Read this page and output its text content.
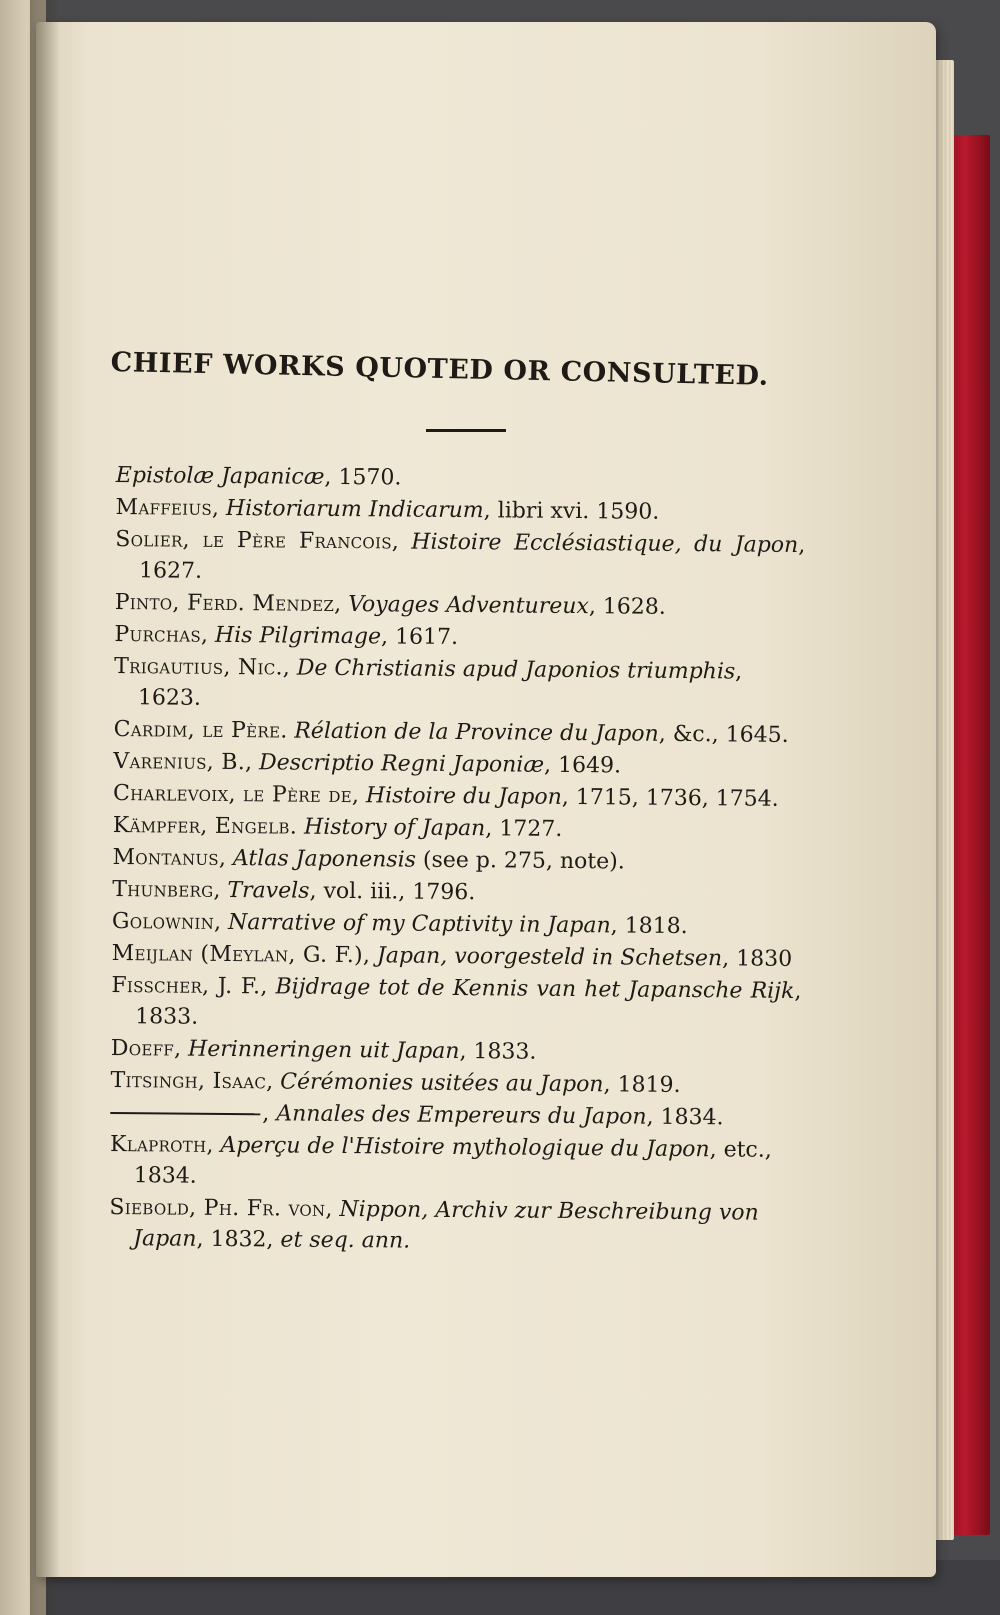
CHIEF WORKS QUOTED OR CONSULTED.
Epistolæ Japanicæ, 1570.
Maffeius, Historiarum Indicarum, libri xvi. 1590.
Solier, le Père Francois, Histoire Ecclésiastique, du Japon, 1627.
Pinto, Ferd. Mendez, Voyages Adventureux, 1628.
Purchas, His Pilgrimage, 1617.
Trigautius, Nic., De Christianis apud Japonios triumphis, 1623.
Cardim, le Père. Rélation de la Province du Japon, &c., 1645.
Varenius, B., Descriptio Regni Japoniæ, 1649.
Charlevoix, le Père de, Histoire du Japon, 1715, 1736, 1754.
Kämpfer, Engelb. History of Japan, 1727.
Montanus, Atlas Japonensis (see p. 275, note).
Thunberg, Travels, vol. iii., 1796.
Golownin, Narrative of my Captivity in Japan, 1818.
Meijlan (Meylan, G. F.), Japan, voorgesteld in Schetsen, 1830
Fisscher, J. F., Bijdrage tot de Kennis van het Japansche Rijk, 1833.
Doeff, Herinneringen uit Japan, 1833.
Titsingh, Isaac, Cérémonies usitées au Japon, 1819.
, Annales des Empereurs du Japon, 1834.
Klaproth, Aperçu de l'Histoire mythologique du Japon, etc., 1834.
Siebold, Ph. Fr. von, Nippon, Archiv zur Beschreibung von Japan, 1832, et seq. ann.
